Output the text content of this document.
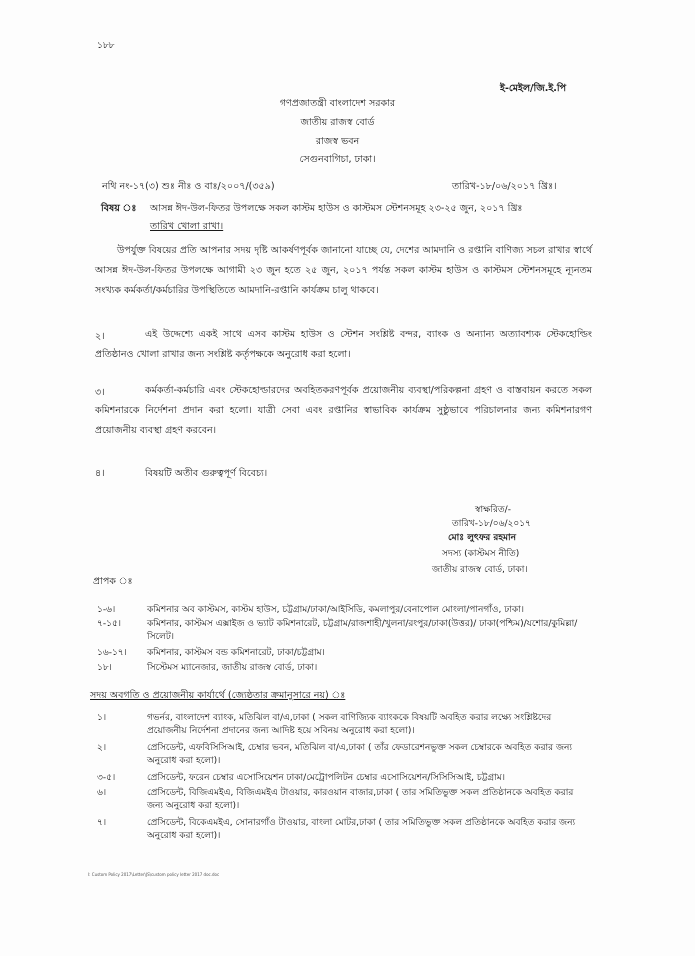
১৮৮
ই-মেইল/জি.ই.পি
গণপ্রজাতন্ত্রী বাংলাদেশ সরকার
জাতীয় রাজস্ব বোর্ড
রাজস্ব ভবন
সেগুনবাগিচা, ঢাকা।
নথি নং-১৭(৩) শুঃ নীঃ ও বাঃ/২০০৭/(৩৫৯)	তারিখ-১৮/০৬/২০১৭ খ্রিঃ।
বিষয় ঃ আসন্ন ঈদ-উল-ফিতর উপলক্ষে সকল কাস্টম হাউস ও কাস্টমস স্টেশনসমূহ ২৩-২৫ জুন, ২০১৭ খ্রিঃ
তারিখ খোলা রাখা।
উপর্যুক্ত বিষয়ের প্রতি আপনার সদয় দৃষ্টি আকর্ষণপূর্বক জানানো যাচ্ছে যে, দেশের আমদানি ও রপ্তানি বাণিজ্য সচল রাখার স্বার্থে আসন্ন ঈদ-উল-ফিতর উপলক্ষে আগামী ২৩ জুন হতে ২৫ জুন, ২০১৭ পর্যন্ত সকল কাস্টম হাউস ও কাস্টমস স্টেশনসমূহে ন্যূনতম সংখ্যক কর্মকর্তা/কর্মচারির উপস্থিতিতে আমদানি-রপ্তানি কার্যক্রম চালু থাকবে।
২।	এই উদ্দেশ্যে একই সাথে এসব কাস্টম হাউস ও স্টেশন সংশ্লিষ্ট বন্দর, ব্যাংক ও অন্যান্য অত্যাবশ্যক স্টেকহোল্ডিং প্রতিষ্ঠানও খোলা রাখার জন্য সংশ্লিষ্ট কর্তৃপক্ষকে অনুরোধ করা হলো।
৩।	কর্মকর্তা-কর্মচারি এবং স্টেকহোল্ডারদের অবহিতকরণপূর্বক প্রয়োজনীয় ব্যবস্থা/পরিকল্পনা গ্রহণ ও বাস্তবায়ন করতে সকল কমিশনারকে নির্দেশনা প্রদান করা হলো। যাত্রী সেবা এবং রপ্তানির স্বাভাবিক কার্যক্রম সুষ্ঠুভাবে পরিচালনার জন্য কমিশনারগণ প্রয়োজনীয় ব্যবস্থা গ্রহণ করবেন।
৪।	বিষয়টি অতীব গুরুত্বপূর্ণ বিবেচ্য।
স্বাক্ষরিত/-
তারিখ-১৮/০৬/২০১৭
মোঃ লুৎফর রহমান
সদস্য (কাস্টমস নীতি)
জাতীয় রাজস্ব বোর্ড, ঢাকা।
প্রাপক ঃ
১-৬।	কমিশনার অব কাস্টমস, কাস্টম হাউস, চট্টগ্রাম/ঢাকা/আইসিডি, কমলাপুর/বেনাপোল মোংলা/পানগাঁও, ঢাকা।
৭-১৫।	কমিশনার, কাস্টমস এক্সাইজ ও ভ্যাট কমিশনারেট, চট্টগ্রাম/রাজশাহী/খুলনা/রংপুর/ঢাকা(উত্তর)/ ঢাকা(পশ্চিম)/যশোর/কুমিল্লা/সিলেট।
১৬-১৭। কমিশনার, কাস্টমস বন্ড কমিশনারেট, ঢাকা/চট্টগ্রাম।
১৮।	সিস্টেমস ম্যানেজার, জাতীয় রাজস্ব বোর্ড, ঢাকা।
সদয় অবগতি ও প্রয়োজনীয় কার্যার্থে (জ্যেষ্ঠতার ক্রমানুসারে নয়) ঃ
১।	গভর্নর, বাংলাদেশ ব্যাংক, মতিঝিল বা/এ,ঢাকা ( সকল বাণিজ্যিক ব্যাংককে বিষয়টি অবহিত করার লক্ষ্যে সংশ্লিষ্টদের প্রয়োজনীয় নির্দেশনা প্রদানের জন্য আদিষ্ট হয়ে সবিনয় অনুরোধ করা হলো)।
২।	প্রেসিডেন্ট, এফবিসিসিআই, চেম্বার ভবন, মতিঝিল বা/এ,ঢাকা ( তাঁর ফেডারেশনভুক্ত সকল চেম্বারকে অবহিত করার জন্য অনুরোধ করা হলো)।
৩-৫।	প্রেসিডেন্ট, ফরেন চেম্বার এসোসিয়েশন ঢাকা/মেট্রোপলিটন চেম্বার এসোসিয়েশন/সিসিসিআই, চট্টগ্রাম।
৬।	প্রেসিডেন্ট, বিজিএমইএ, বিজিএমইএ টাওয়ার, কারওয়ান বাজার,ঢাকা ( তার সমিতিভুক্ত সকল প্রতিষ্ঠানকে অবহিত করার জন্য অনুরোধ করা হলো)।
৭।	প্রেসিডেন্ট, বিকেএমইএ, সোনারগাঁও টাওয়ার, বাংলা মোটর,ঢাকা ( তার সমিতিভুক্ত সকল প্রতিষ্ঠানকে অবহিত করার জন্য অনুরোধ করা হলো)।
I: Custom Policy 2017\Letter\JS\custom policy letter 2017 doc.doc
